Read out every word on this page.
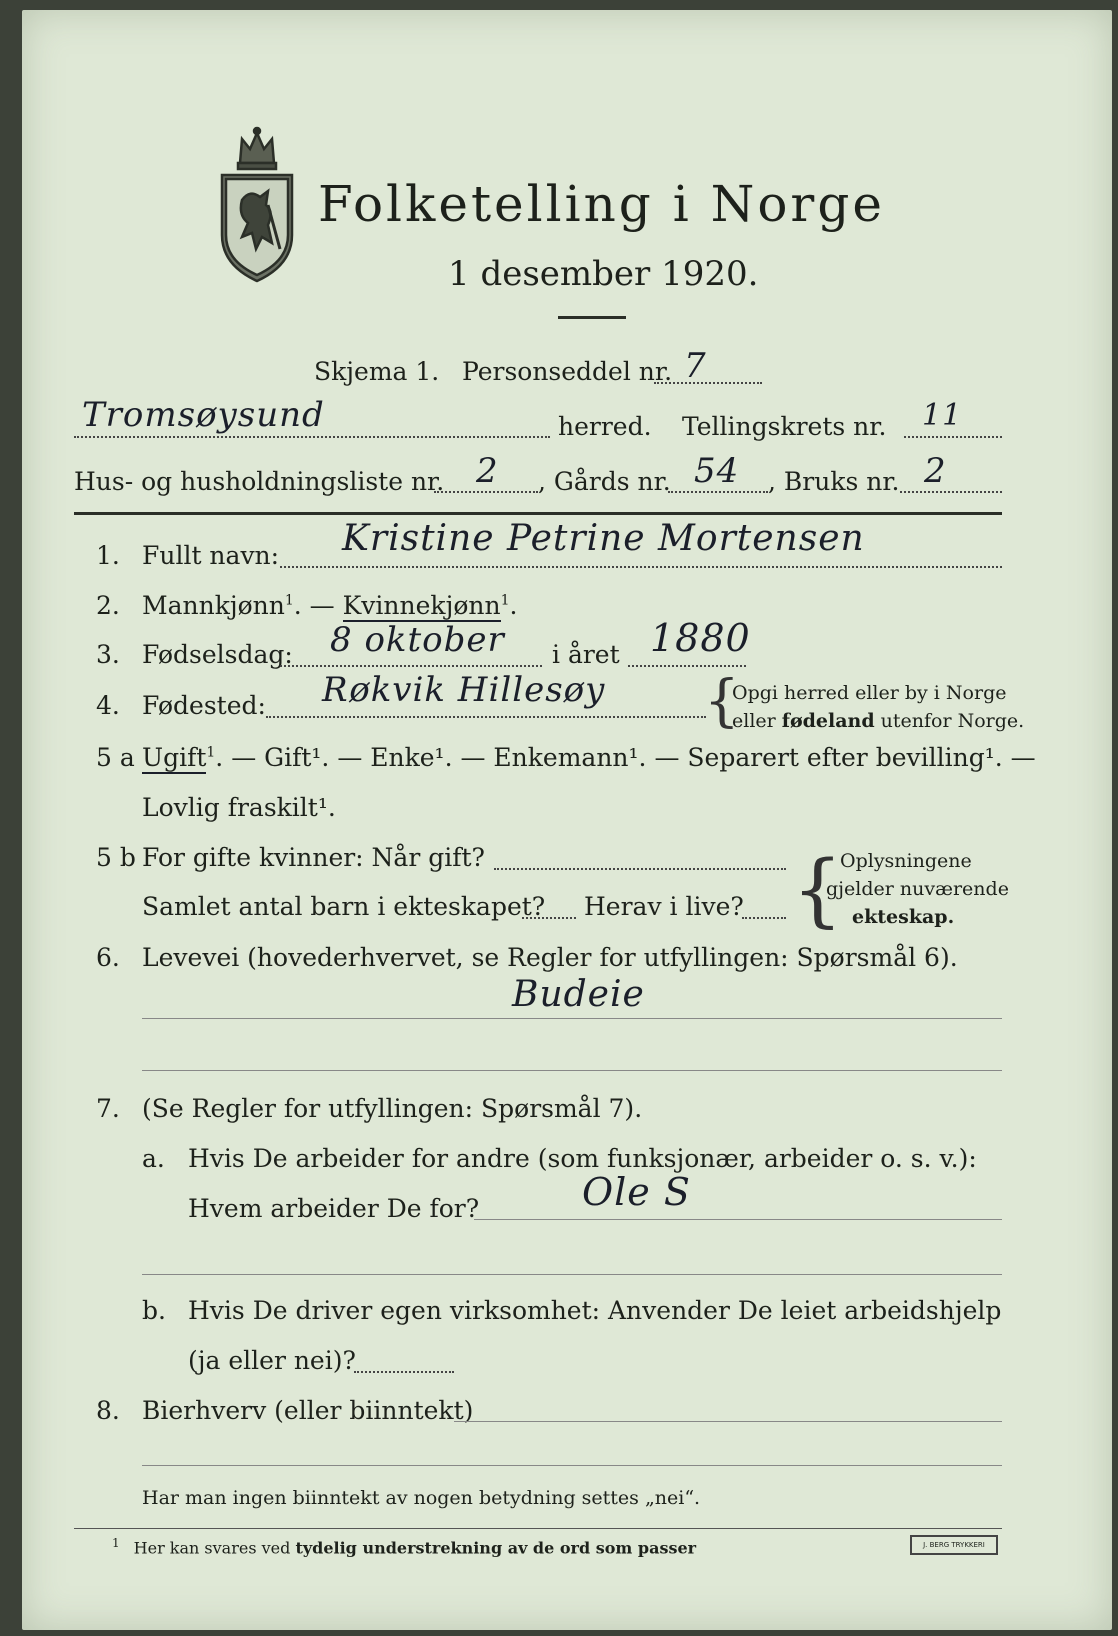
Folketelling i Norge
1 desember 1920.
Skjema 1. Personseddel nr. 7
Tromsøysund	herred. Tellingskrets nr. 11
Hus- og husholdningsliste nr. 2 , Gårds nr. 54 , Bruks nr. 2
1. Fullt navn: Kristine Petrine Mortensen
2. Mannkjønn$^1$. — Kvinnekjønn$^1$.
3. Fødselsdag: 8 oktober i året 1880
4. Fødested: Røkvik Hillesøy {
Opgi herred eller by i Norge
eller fødeland utenfor Norge.
5 a Ugift$^1$. — Gift¹. — Enke¹. — Enkemann¹. — Separert efter bevilling¹. —
Lovlig fraskilt¹.
5 b For gifte kvinner: Når gift?
Samlet antal barn i ekteskapet? Herav i live? {
Oplysningene
gjelder nuværende
ekteskap.
6. Levevei (hovederhvervet, se Regler for utfyllingen: Spørsmål 6).
Budeie
7. (Se Regler for utfyllingen: Spørsmål 7).
a. Hvis De arbeider for andre (som funksjonær, arbeider o. s. v.):
Hvem arbeider De for?	Ole S
b. Hvis De driver egen virksomhet: Anvender De leiet arbeidshjelp
(ja eller nei)?
8. Bierhverv (eller biinntekt)
Har man ingen biinntekt av nogen betydning settes „nei“.
$^1$ Her kan svares ved tydelig understrekning av de ord som passer	J. BERG TRYKKERI
